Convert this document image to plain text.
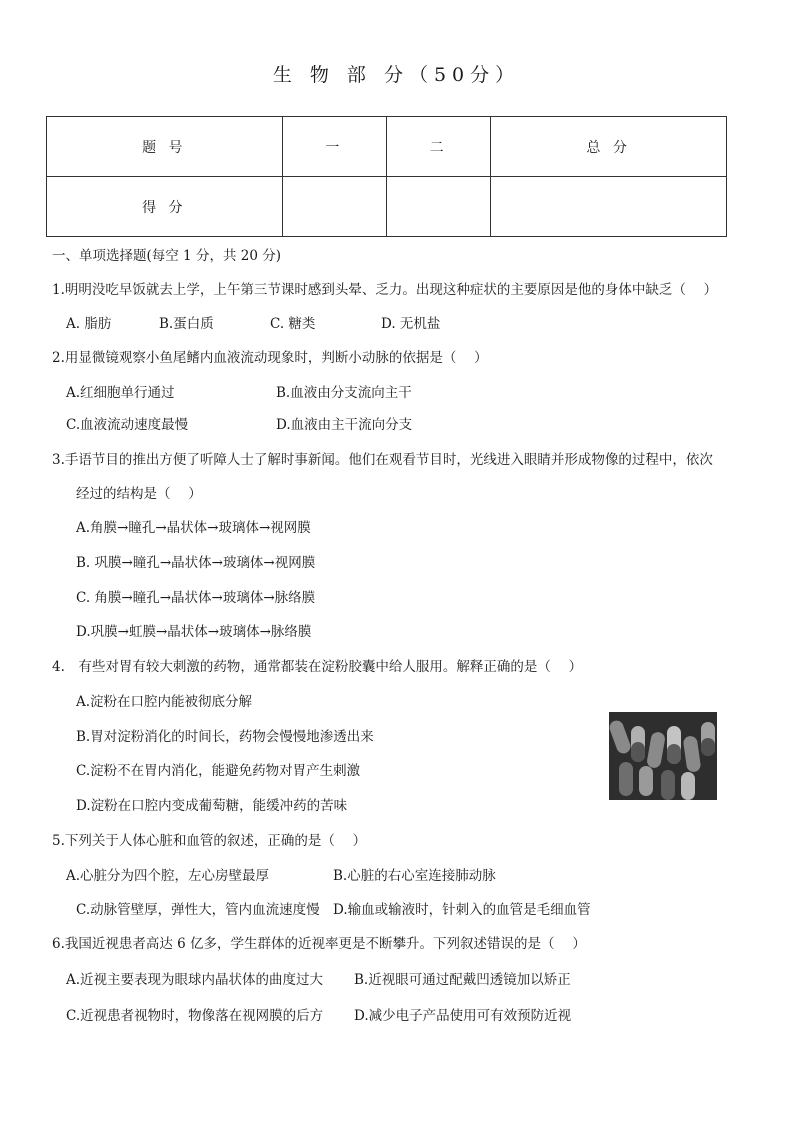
生 物 部 分（50分）
题 号	一	二	总 分
得 分			
一、单项选择题(每空 1 分，共 20 分)
1.明明没吃早饭就去上学，上午第三节课时感到头晕、乏力。出现这种症状的主要原因是他的身体中缺乏（　 ）
A. 脂肪	B.蛋白质	C. 糖类	D. 无机盐
2.用显微镜观察小鱼尾鳍内血液流动现象时，判断小动脉的依据是（　 ）
A.红细胞单行通过	B.血液由分支流向主干
C.血液流动速度最慢	D.血液由主干流向分支
3.手语节目的推出方便了听障人士了解时事新闻。他们在观看节目时，光线进入眼睛并形成物像的过程中，依次
经过的结构是（　 ）
A.角膜→瞳孔→晶状体→玻璃体→视网膜
B. 巩膜→瞳孔→晶状体→玻璃体→视网膜
C. 角膜→瞳孔→晶状体→玻璃体→脉络膜
D.巩膜→虹膜→晶状体→玻璃体→脉络膜
4.　有些对胃有较大刺激的药物，通常都装在淀粉胶囊中给人服用。解释正确的是（　 ）
A.淀粉在口腔内能被彻底分解
B.胃对淀粉消化的时间长，药物会慢慢地渗透出来
C.淀粉不在胃内消化，能避免药物对胃产生刺激
D.淀粉在口腔内变成葡萄糖，能缓冲药的苦味
5.下列关于人体心脏和血管的叙述，正确的是（　 ）
A.心脏分为四个腔，左心房壁最厚	B.心脏的右心室连接肺动脉
C.动脉管壁厚，弹性大，管内血流速度慢 D.输血或输液时，针刺入的血管是毛细血管
6.我国近视患者高达 6 亿多，学生群体的近视率更是不断攀升。下列叙述错误的是（　 ）
A.近视主要表现为眼球内晶状体的曲度过大 B.近视眼可通过配戴凹透镜加以矫正
C.近视患者视物时，物像落在视网膜的后方 D.减少电子产品使用可有效预防近视
